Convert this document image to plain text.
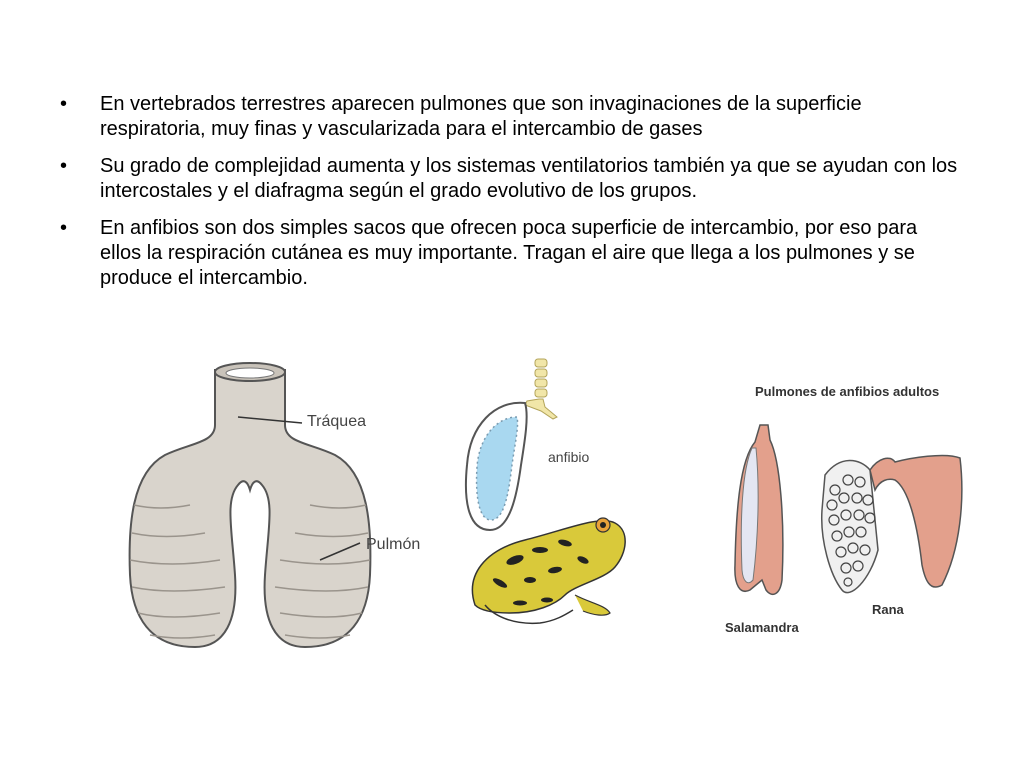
• En vertebrados terrestres aparecen pulmones que son invaginaciones de la superficie respiratoria, muy finas y vascularizada para el intercambio de gases
• Su grado de complejidad aumenta y los sistemas ventilatorios también ya que se ayudan con los intercostales y el diafragma según el grado evolutivo de los grupos.
• En anfibios son dos simples sacos que ofrecen poca superficie de intercambio, por eso para ellos la respiración cutánea es muy importante. Tragan el aire que llega a los pulmones y se produce el intercambio.
Tráquea
Pulmón
anfibio
Pulmones de anfibios adultos
Salamandra
Rana
